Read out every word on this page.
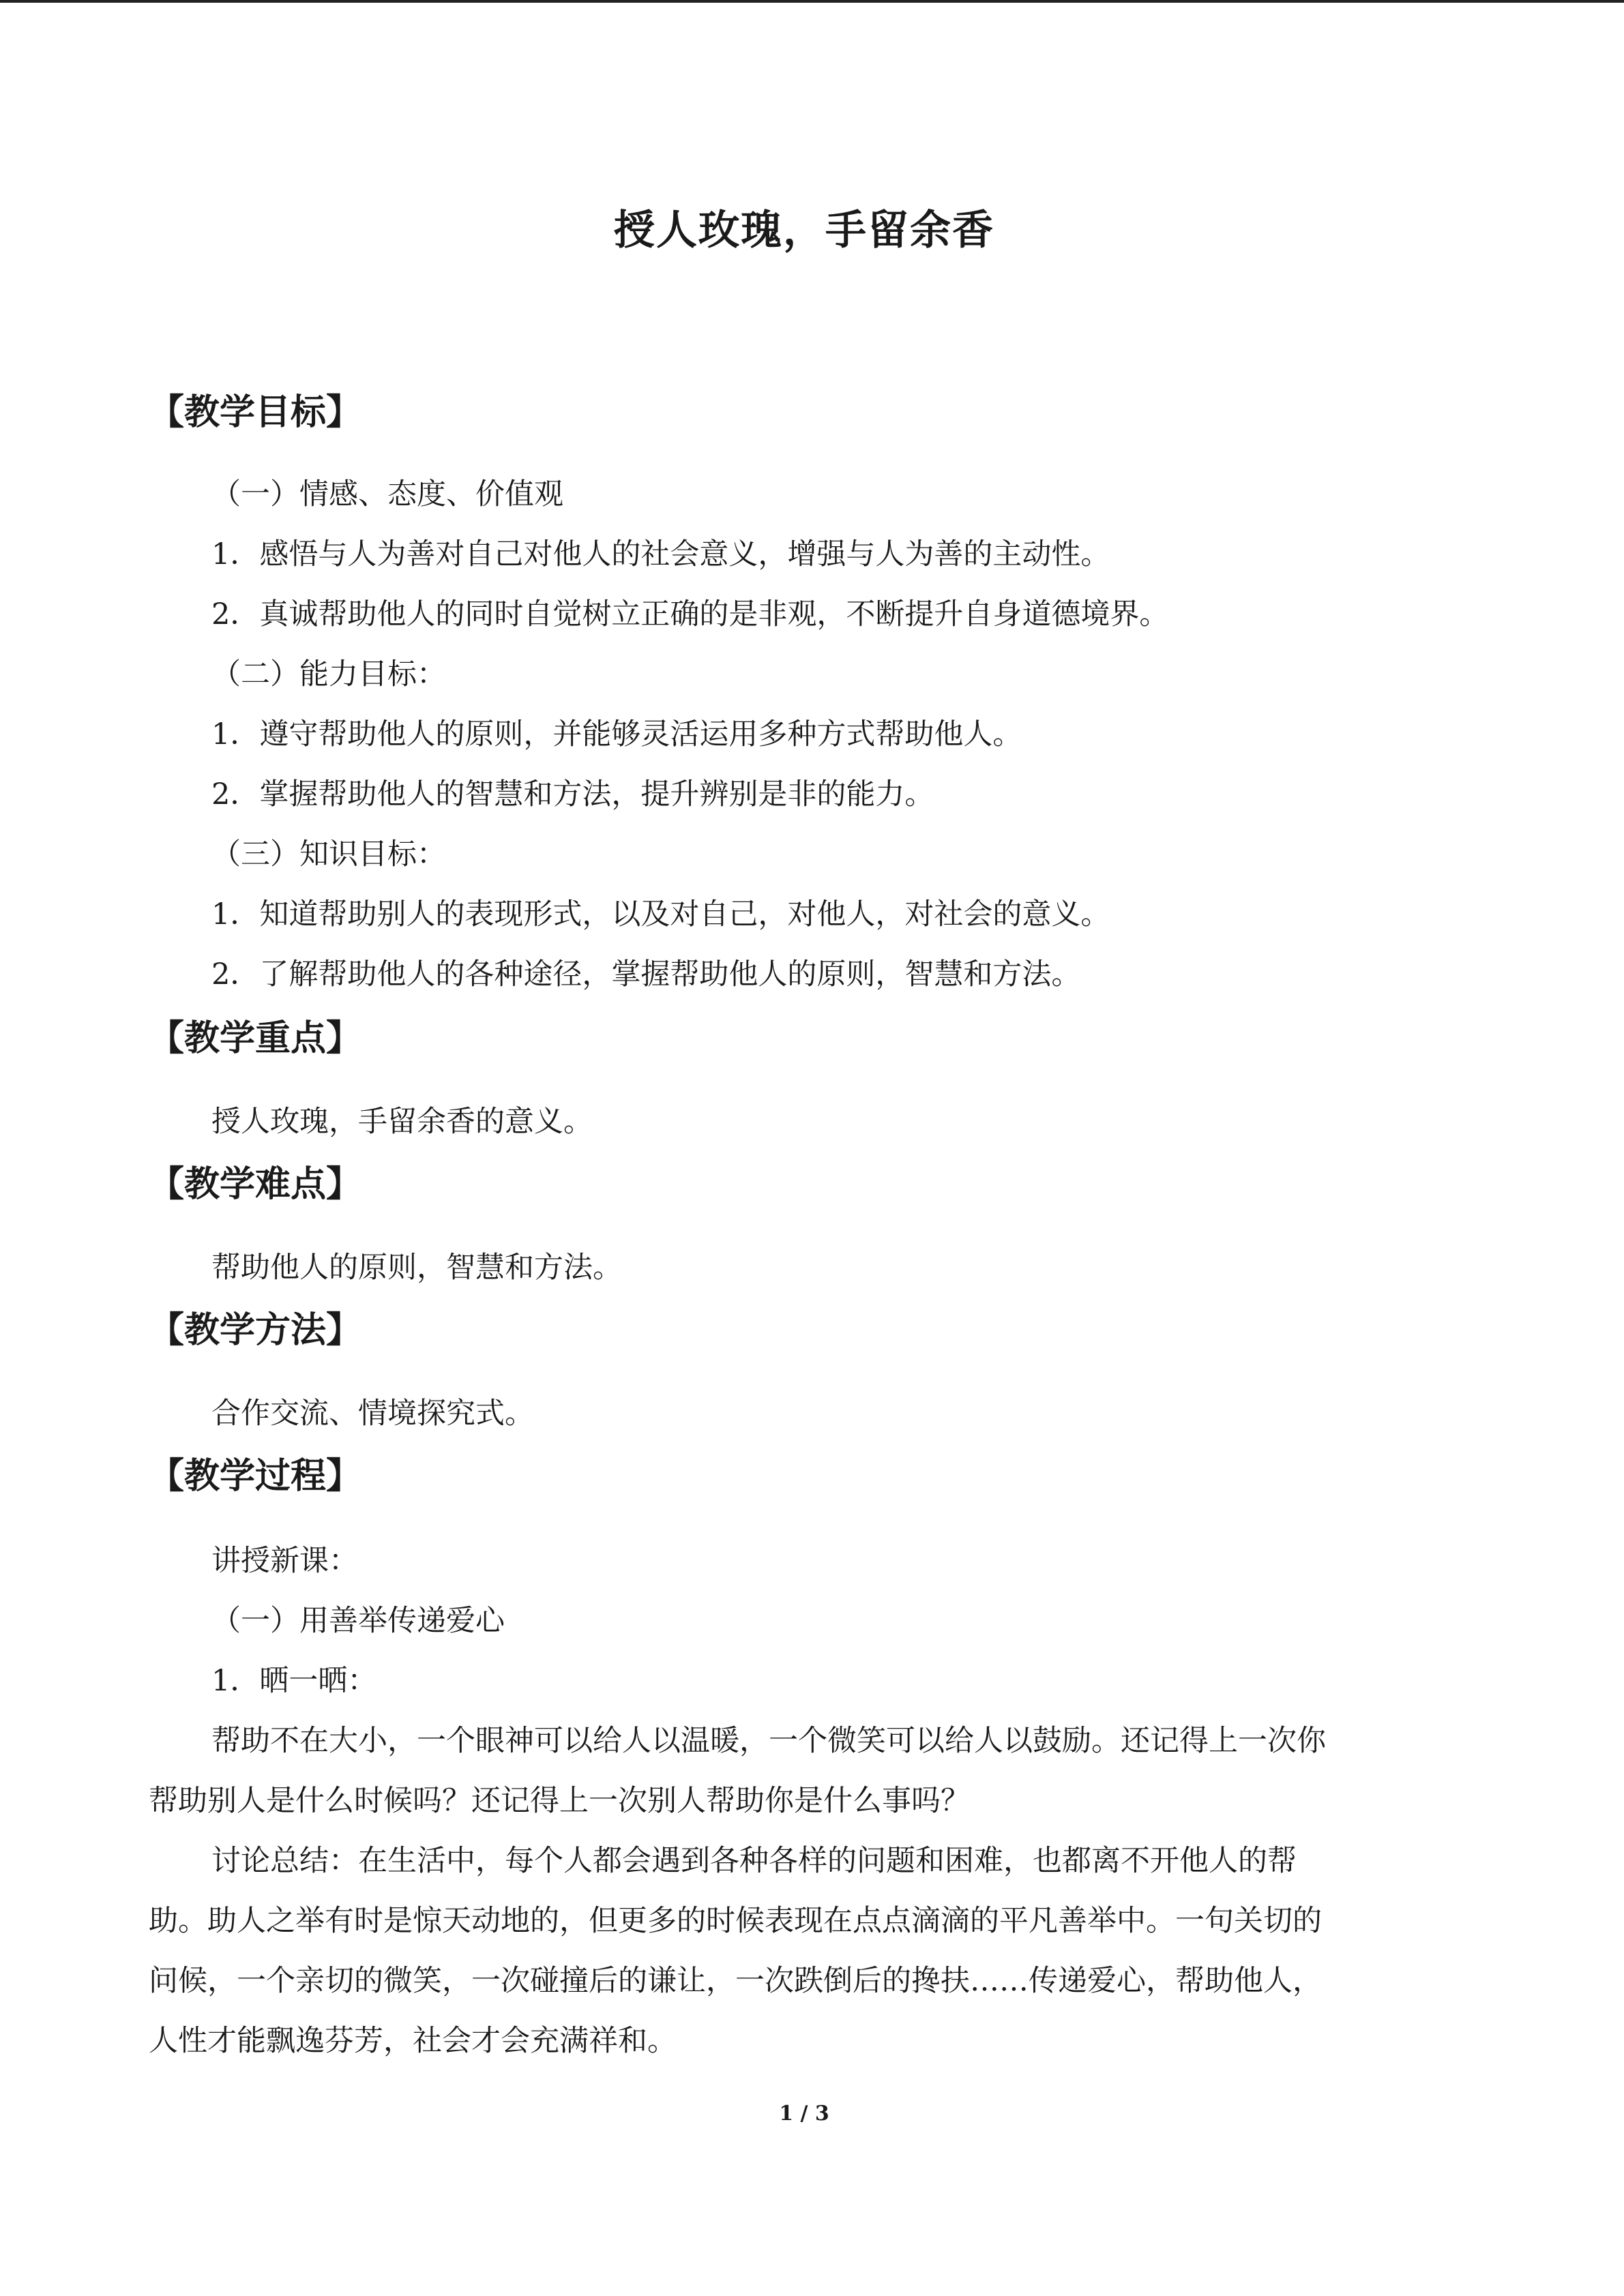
授人玫瑰，手留余香
【教学目标】
（一）情感、态度、价值观
1．感悟与人为善对自己对他人的社会意义，增强与人为善的主动性。
2．真诚帮助他人的同时自觉树立正确的是非观，不断提升自身道德境界。
（二）能力目标：
1．遵守帮助他人的原则，并能够灵活运用多种方式帮助他人。
2．掌握帮助他人的智慧和方法，提升辨别是非的能力。
（三）知识目标：
1．知道帮助别人的表现形式，以及对自己，对他人，对社会的意义。
2．了解帮助他人的各种途径，掌握帮助他人的原则，智慧和方法。
【教学重点】
授人玫瑰，手留余香的意义。
【教学难点】
帮助他人的原则，智慧和方法。
【教学方法】
合作交流、情境探究式。
【教学过程】
讲授新课：
（一）用善举传递爱心
1．晒一晒：
帮助不在大小，一个眼神可以给人以温暖，一个微笑可以给人以鼓励。还记得上一次你
帮助别人是什么时候吗？还记得上一次别人帮助你是什么事吗？
讨论总结：在生活中，每个人都会遇到各种各样的问题和困难，也都离不开他人的帮
助。助人之举有时是惊天动地的，但更多的时候表现在点点滴滴的平凡善举中。一句关切的
问候，一个亲切的微笑，一次碰撞后的谦让，一次跌倒后的搀扶……传递爱心，帮助他人，
人性才能飘逸芬芳，社会才会充满祥和。
1 / 3
